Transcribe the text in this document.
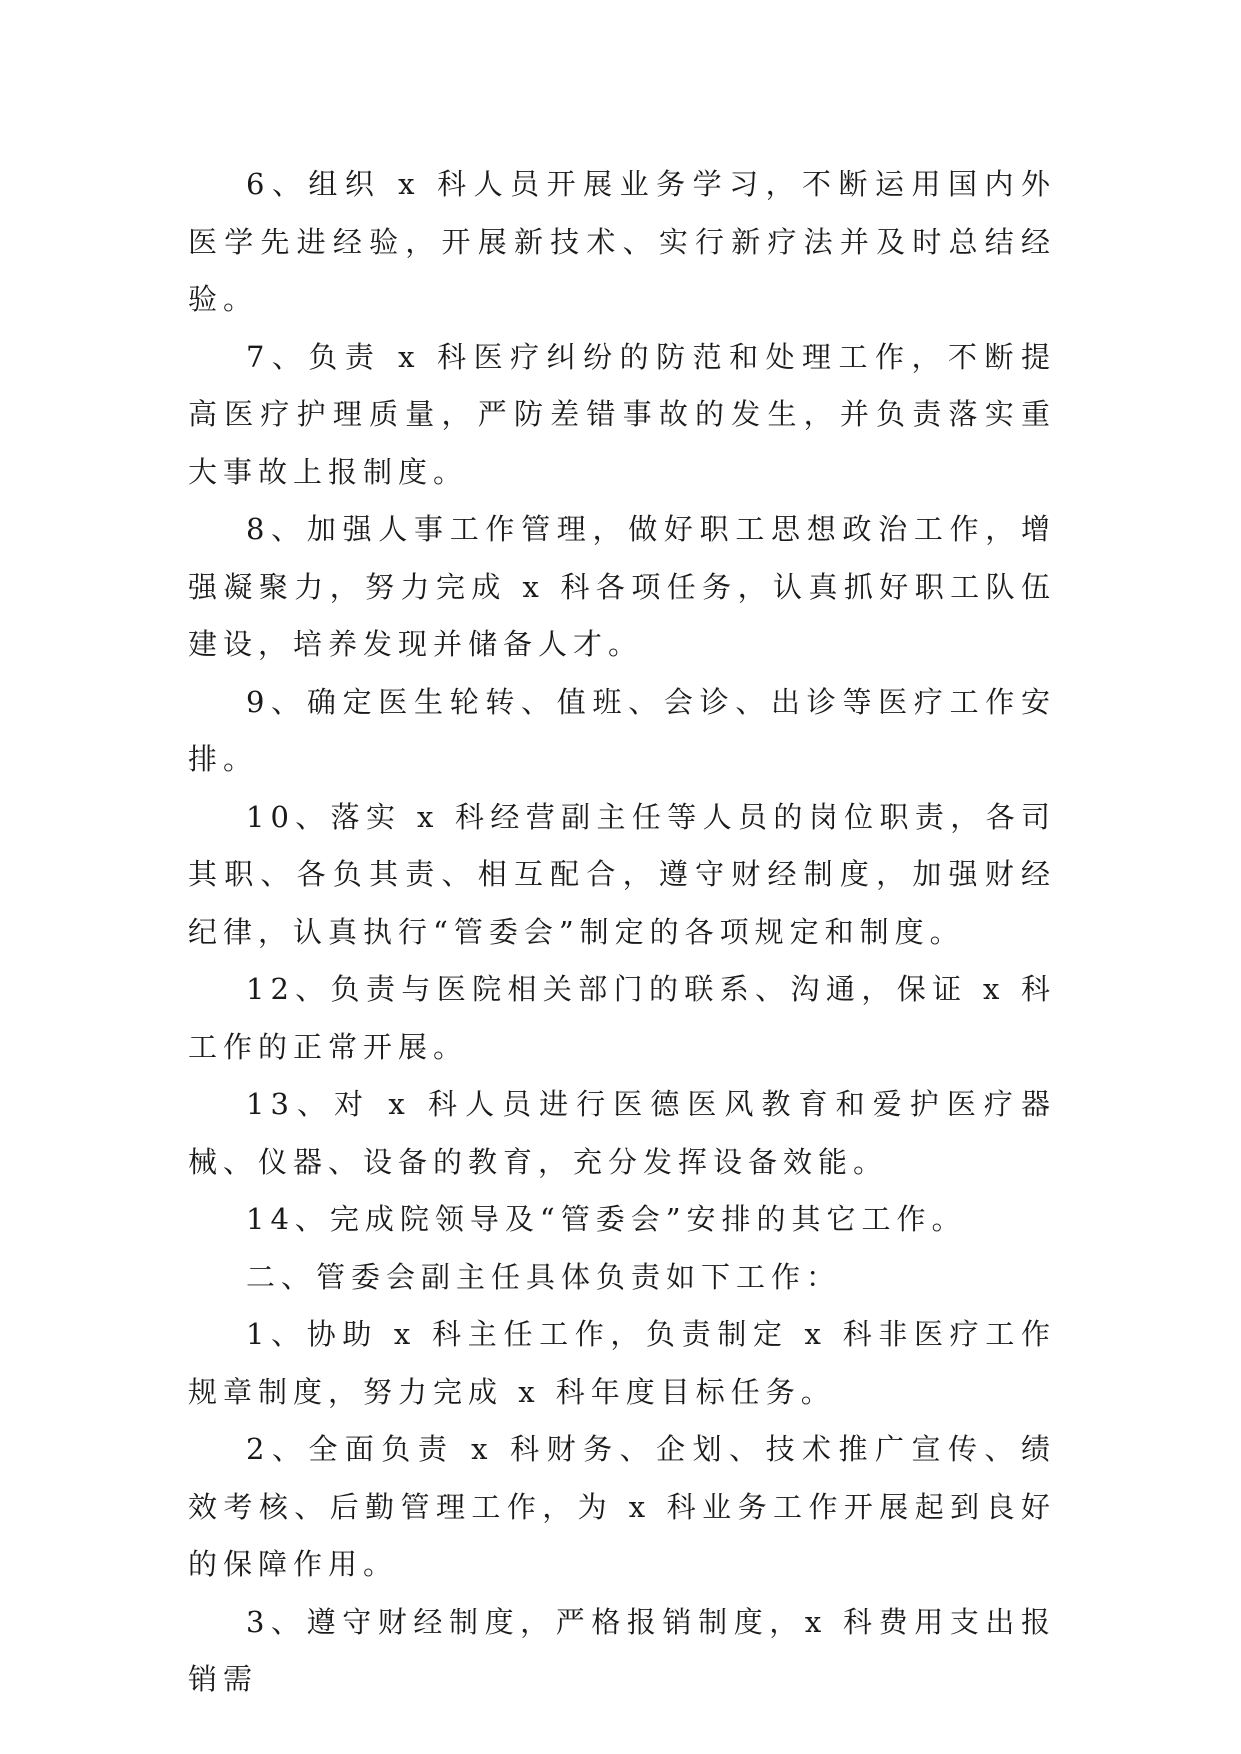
6、组织 x 科人员开展业务学习，不断运用国内外医学先进经验，开展新技术、实行新疗法并及时总结经验。

7、负责 x 科医疗纠纷的防范和处理工作，不断提高医疗护理质量，严防差错事故的发生，并负责落实重大事故上报制度。

8、加强人事工作管理，做好职工思想政治工作，增强凝聚力，努力完成 x 科各项任务，认真抓好职工队伍建设，培养发现并储备人才。

9、确定医生轮转、值班、会诊、出诊等医疗工作安排。

10、落实 x 科经营副主任等人员的岗位职责，各司其职、各负其责、相互配合，遵守财经制度，加强财经纪律，认真执行“管委会”制定的各项规定和制度。

12、负责与医院相关部门的联系、沟通，保证 x 科工作的正常开展。

13、对 x 科人员进行医德医风教育和爱护医疗器械、仪器、设备的教育，充分发挥设备效能。

14、完成院领导及“管委会”安排的其它工作。

二、管委会副主任具体负责如下工作：

1、协助 x 科主任工作，负责制定 x 科非医疗工作规章制度，努力完成 x 科年度目标任务。

2、全面负责 x 科财务、企划、技术推广宣传、绩效考核、后勤管理工作，为 x 科业务工作开展起到良好的保障作用。

3、遵守财经制度，严格报销制度，x 科费用支出报销需
